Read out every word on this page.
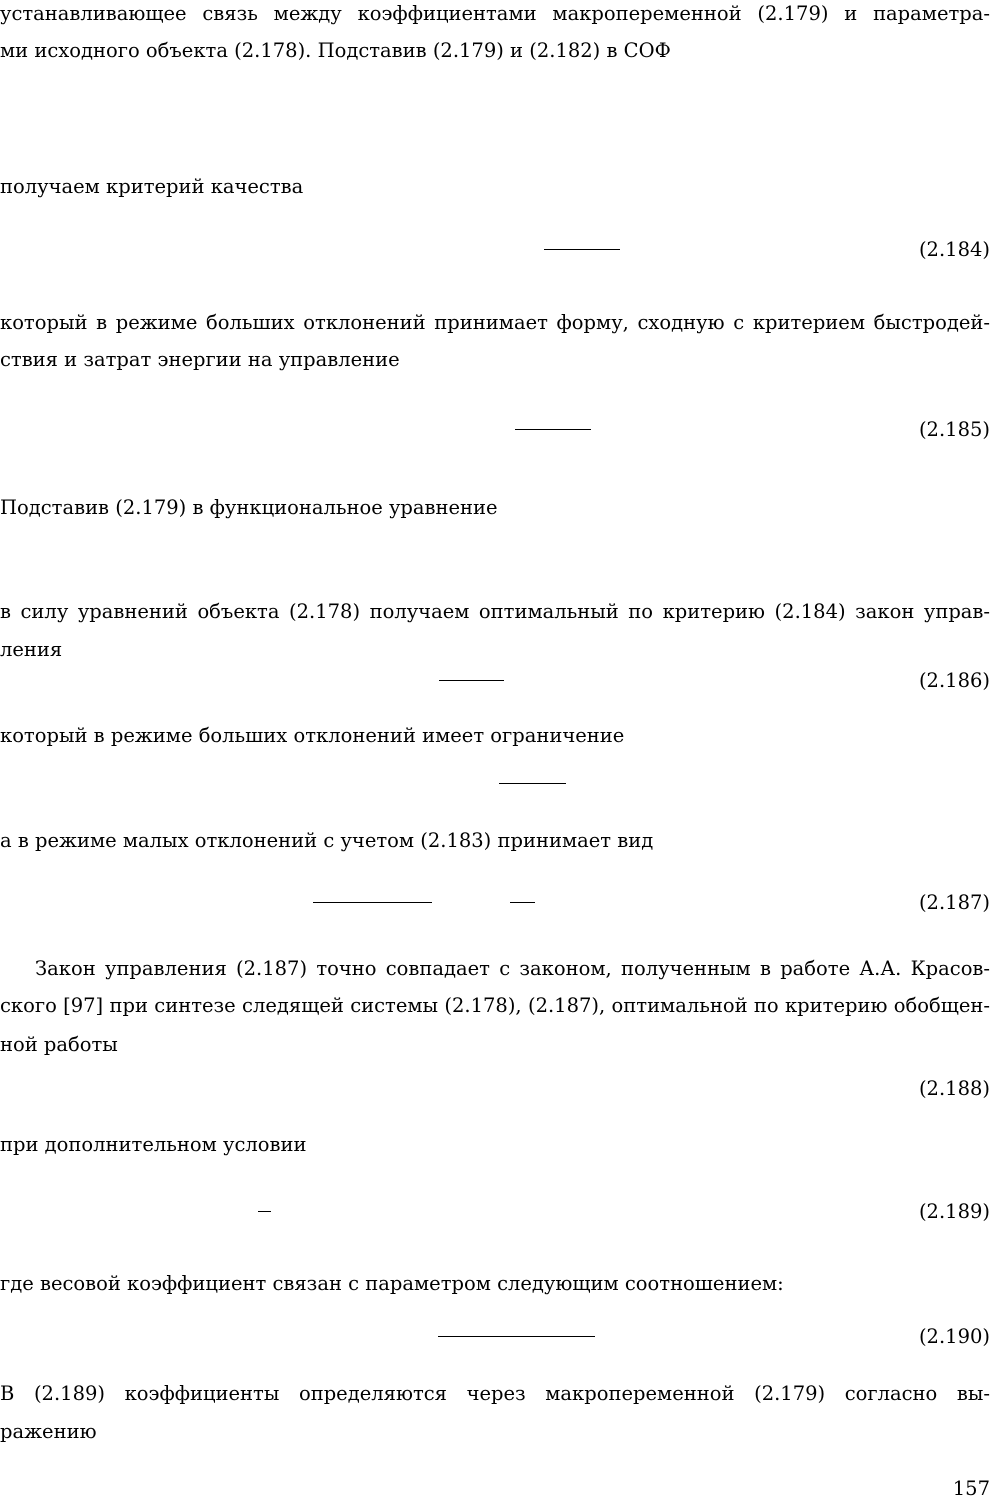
устанавливающее связь между коэффициентами макропеременной (2.179) и параметра-
ми исходного объекта (2.178). Подставив (2.179) и (2.182) в СОФ
получаем критерий качества
(2.184)
который в режиме больших отклонений принимает форму, сходную с критерием быстродей-
ствия и затрат энергии на управление
(2.185)
Подставив (2.179) в функциональное уравнение
в силу уравнений объекта (2.178) получаем оптимальный по критерию (2.184) закон управ-
ления
(2.186)
который в режиме больших отклонений имеет ограничение
а в режиме малых отклонений с учетом (2.183) принимает вид
(2.187)
Закон управления (2.187) точно совпадает с законом, полученным в работе А.А. Красов-
ского [97] при синтезе следящей системы (2.178), (2.187), оптимальной по критерию обобщен-
ной работы
(2.188)
при дополнительном условии
(2.189)
где весовой коэффициент связан с параметром следующим соотношением:
(2.190)
В (2.189) коэффициенты определяются через макропеременной (2.179) согласно вы-
ражению
157
